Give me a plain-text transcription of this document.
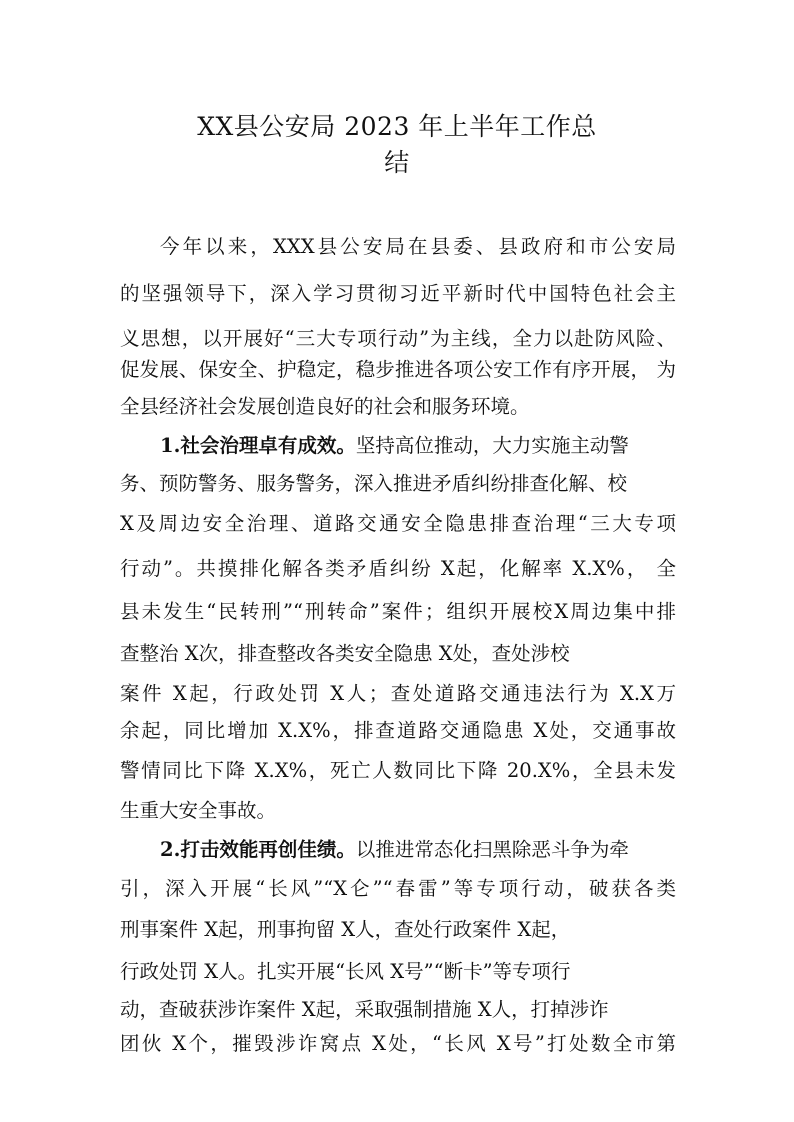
XX县公安局 2023 年上半年工作总
结
今年以来，XXX县公安局在县委、县政府和市公安局
的坚强领导下，深入学习贯彻习近平新时代中国特色社会主
义思想，以开展好“三大专项行动”为主线，全力以赴防风险、
促发展、保安全、护稳定，稳步推进各项公安工作有序开展， 为
全县经济社会发展创造良好的社会和服务环境。
1.社会治理卓有成效。坚持高位推动，大力实施主动警
务、预防警务、服务警务，深入推进矛盾纠纷排查化解、校
X及周边安全治理、道路交通安全隐患排查治理“三大专项
行动”。共摸排化解各类矛盾纠纷 X起，化解率 X.X%， 全
县未发生“民转刑”“刑转命”案件；组织开展校X周边集中排
查整治 X次，排查整改各类安全隐患 X处，查处涉校
案件 X起，行政处罚 X人；查处道路交通违法行为 X.X万
余起，同比增加 X.X%，排查道路交通隐患 X处，交通事故
警情同比下降 X.X%，死亡人数同比下降 20.X%，全县未发
生重大安全事故。
2.打击效能再创佳绩。以推进常态化扫黑除恶斗争为牵
引，深入开展“长风”“X仑”“春雷”等专项行动，破获各类
刑事案件 X起，刑事拘留 X人，查处行政案件 X起，
行政处罚 X人。扎实开展“长风 X号”“断卡”等专项行
动，查破获涉诈案件 X起，采取强制措施 X人，打掉涉诈
团伙 X个，摧毁涉诈窝点 X处，“长风 X号”打处数全市第
